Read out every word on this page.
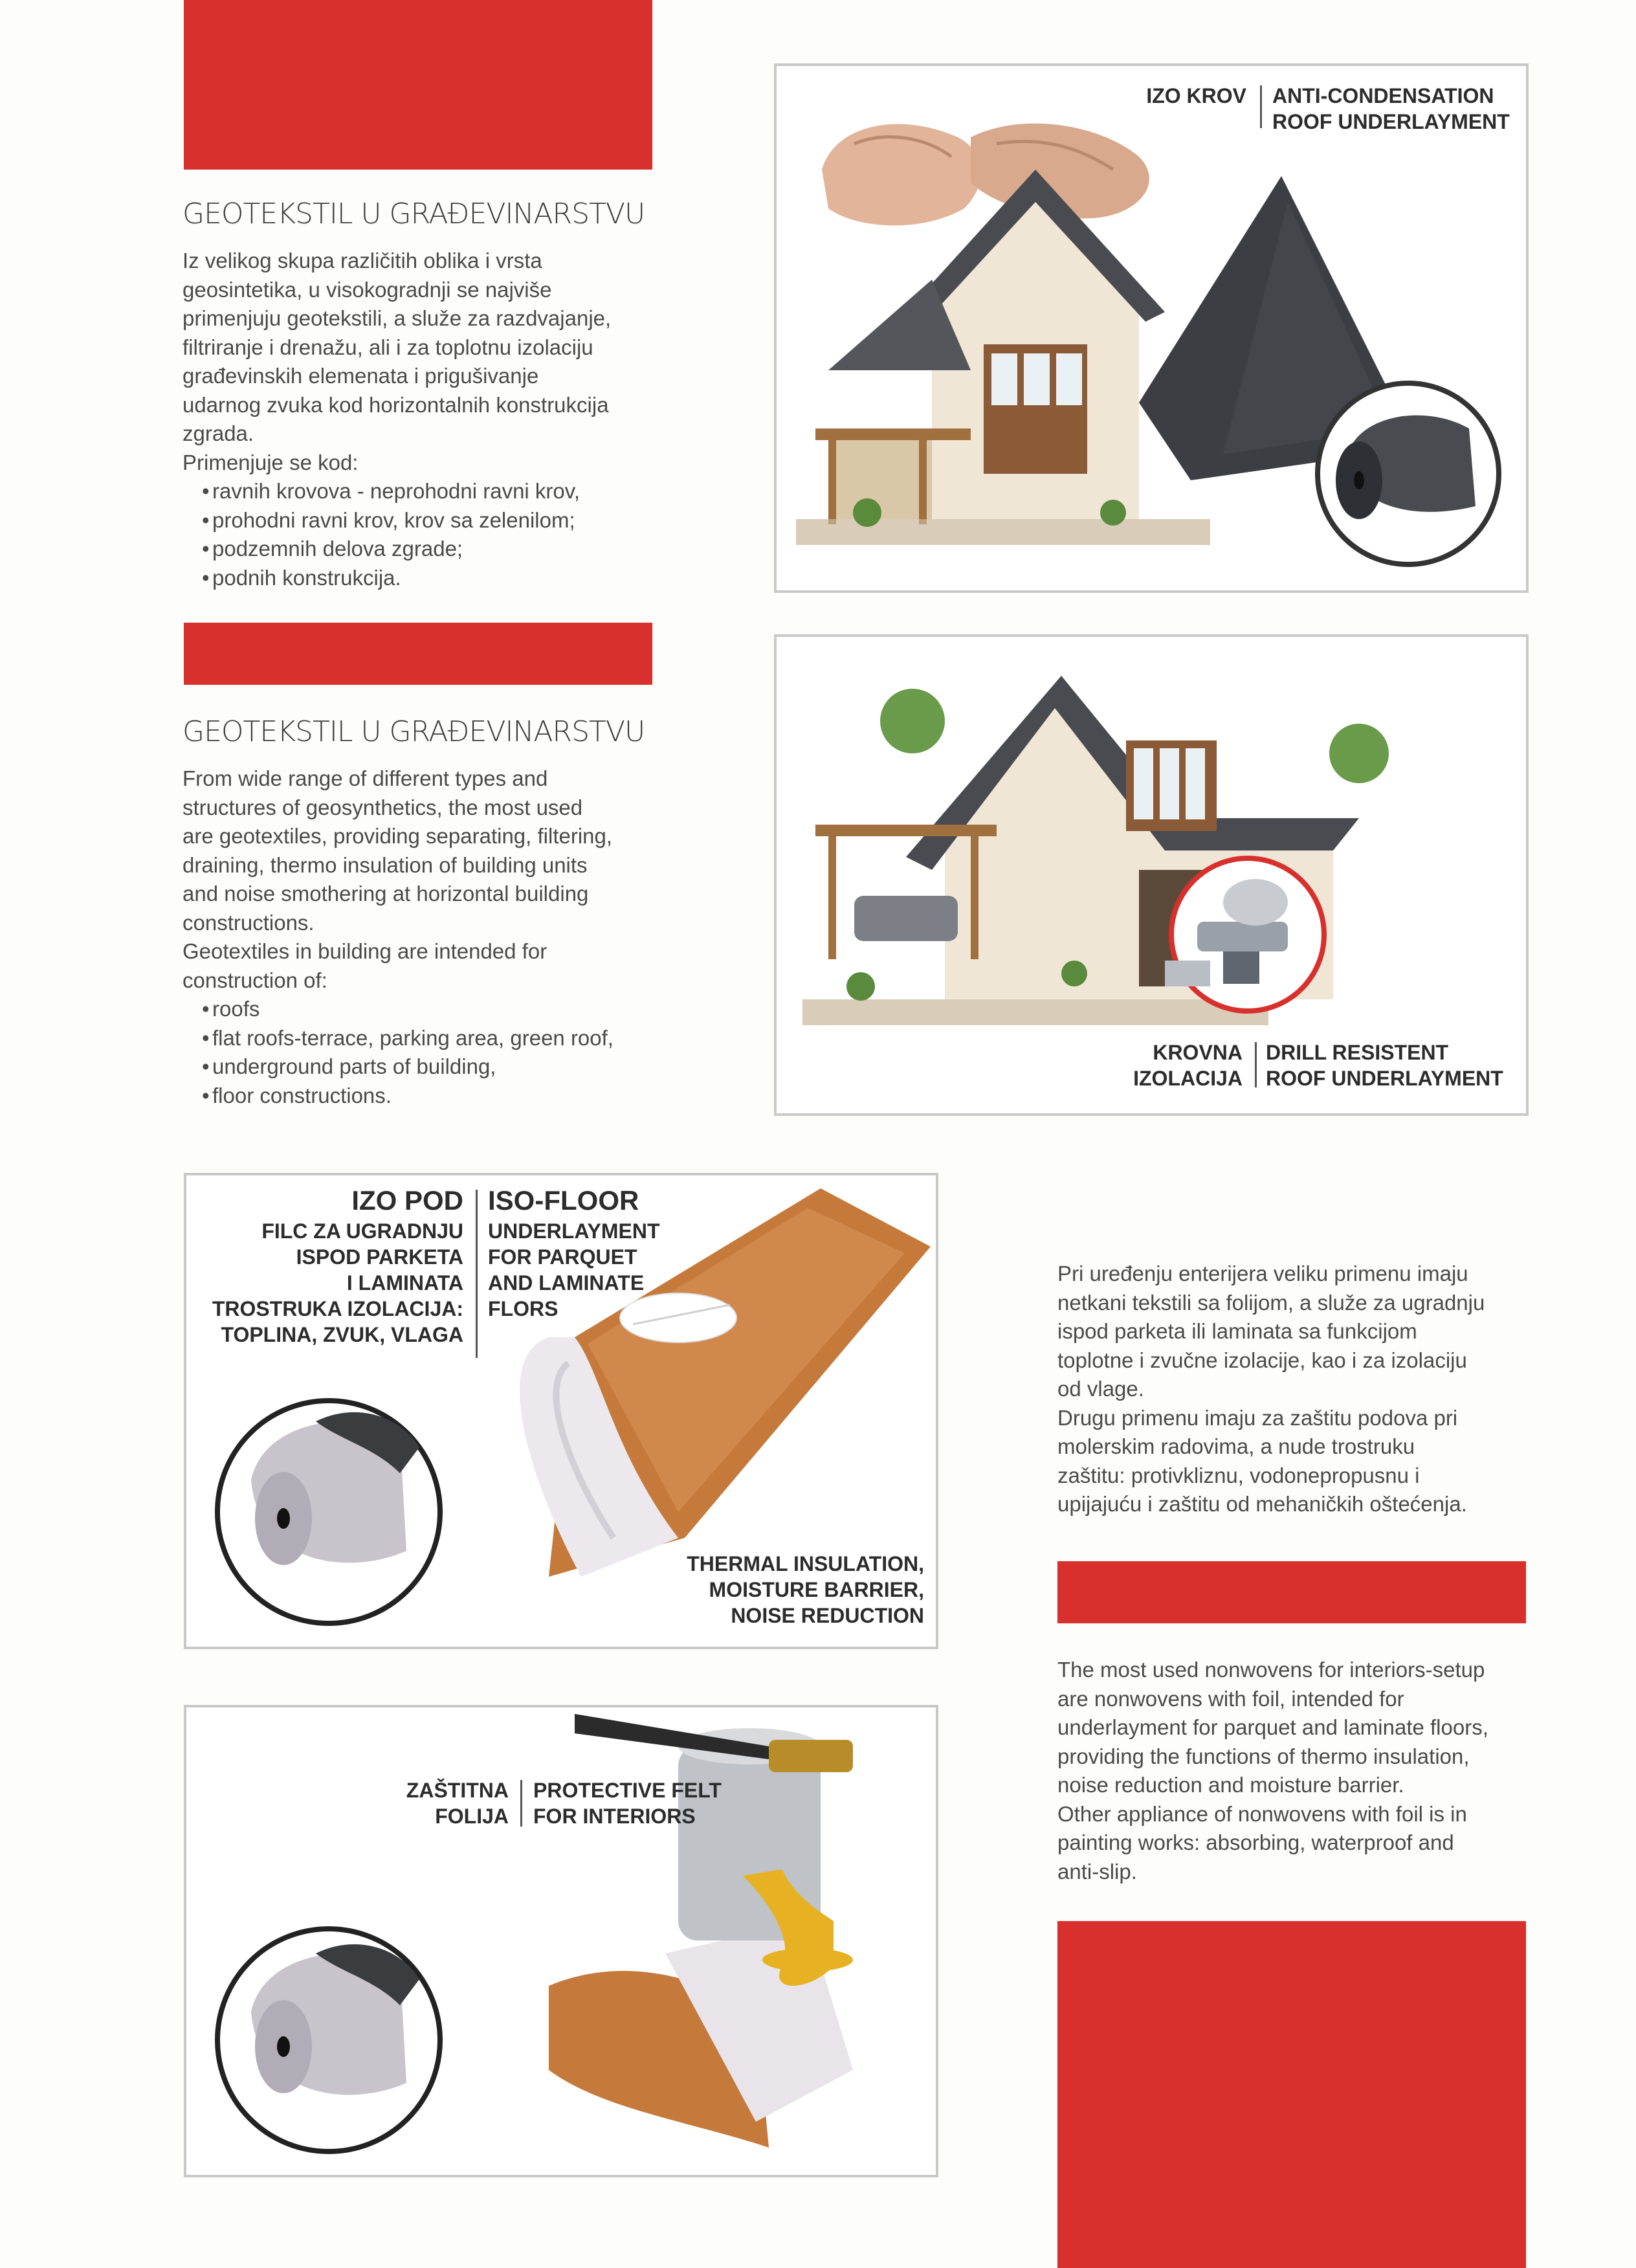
GEOTEKSTIL U GRAĐEVINARSTVU

Iz velikog skupa različitih oblika i vrsta

geosintetika, u visokogradnji se najviše

primenjuju geotekstili, a služe za razdvajanje,

filtriranje i drenažu, ali i za toplotnu izolaciju

građevinskih elemenata i prigušivanje

udarnog zvuka kod horizontalnih konstrukcija

zgrada.

Primenjuje se kod:

• ravnih krovova - neprohodni ravni krov,
• prohodni ravni krov, krov sa zelenilom;
• podzemnih delova zgrade;
• podnih konstrukcija.
GEOTEKSTIL U GRAĐEVINARSTVU

From wide range of different types and

structures of geosynthetics, the most used

are geotextiles, providing separating, filtering,

draining, thermo insulation of building units

and noise smothering at horizontal building

constructions.

Geotextiles in building are intended for

construction of:

• roofs
• flat roofs-terrace, parking area, green roof,
• underground parts of building,
• floor constructions.
IZO KROV ANTI-CONDENSATION
ROOF UNDERLAYMENT
KROVNA
IZOLACIJA
DRILL RESISTENT
ROOF UNDERLAYMENT
IZO POD ISO-FLOOR
FILC ZA UGRADNJU
ISPOD PARKETA
I LAMINATA
TROSTRUKA IZOLACIJA:
TOPLINA, ZVUK, VLAGA
UNDERLAYMENT
FOR PARQUET
AND LAMINATE
FLORS
THERMAL INSULATION,
MOISTURE BARRIER,
NOISE REDUCTION
ZAŠTITNA
FOLIJA
PROTECTIVE FELT
FOR INTERIORS

Pri uređenju enterijera veliku primenu imaju

netkani tekstili sa folijom, a služe za ugradnju

ispod parketa ili laminata sa funkcijom

toplotne i zvučne izolacije, kao i za izolaciju

od vlage.

Drugu primenu imaju za zaštitu podova pri

molerskim radovima, a nude trostruku

zaštitu: protivkliznu, vodonepropusnu i

upijajuću i zaštitu od mehaničkih oštećenja.

The most used nonwovens for interiors-setup

are nonwovens with foil, intended for

underlayment for parquet and laminate floors,

providing the functions of thermo insulation,

noise reduction and moisture barrier.

Other appliance of nonwovens with foil is in

painting works: absorbing, waterproof and

anti-slip.
